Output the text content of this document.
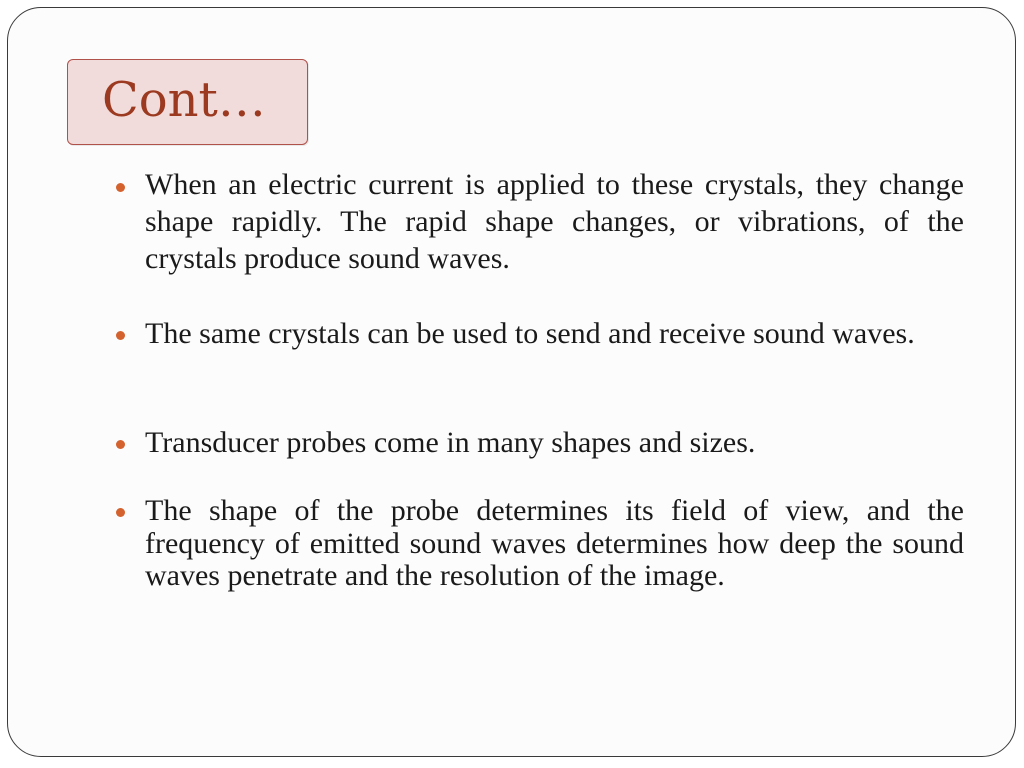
Cont…
When an electric current is applied to these crystals, they change shape rapidly. The rapid shape changes, or vibrations, of the crystals produce sound waves.
The same crystals can be used to send and receive sound waves.
Transducer probes come in many shapes and sizes.
The shape of the probe determines its field of view, and the frequency of emitted sound waves determines how deep the sound waves penetrate and the resolution of the image.
